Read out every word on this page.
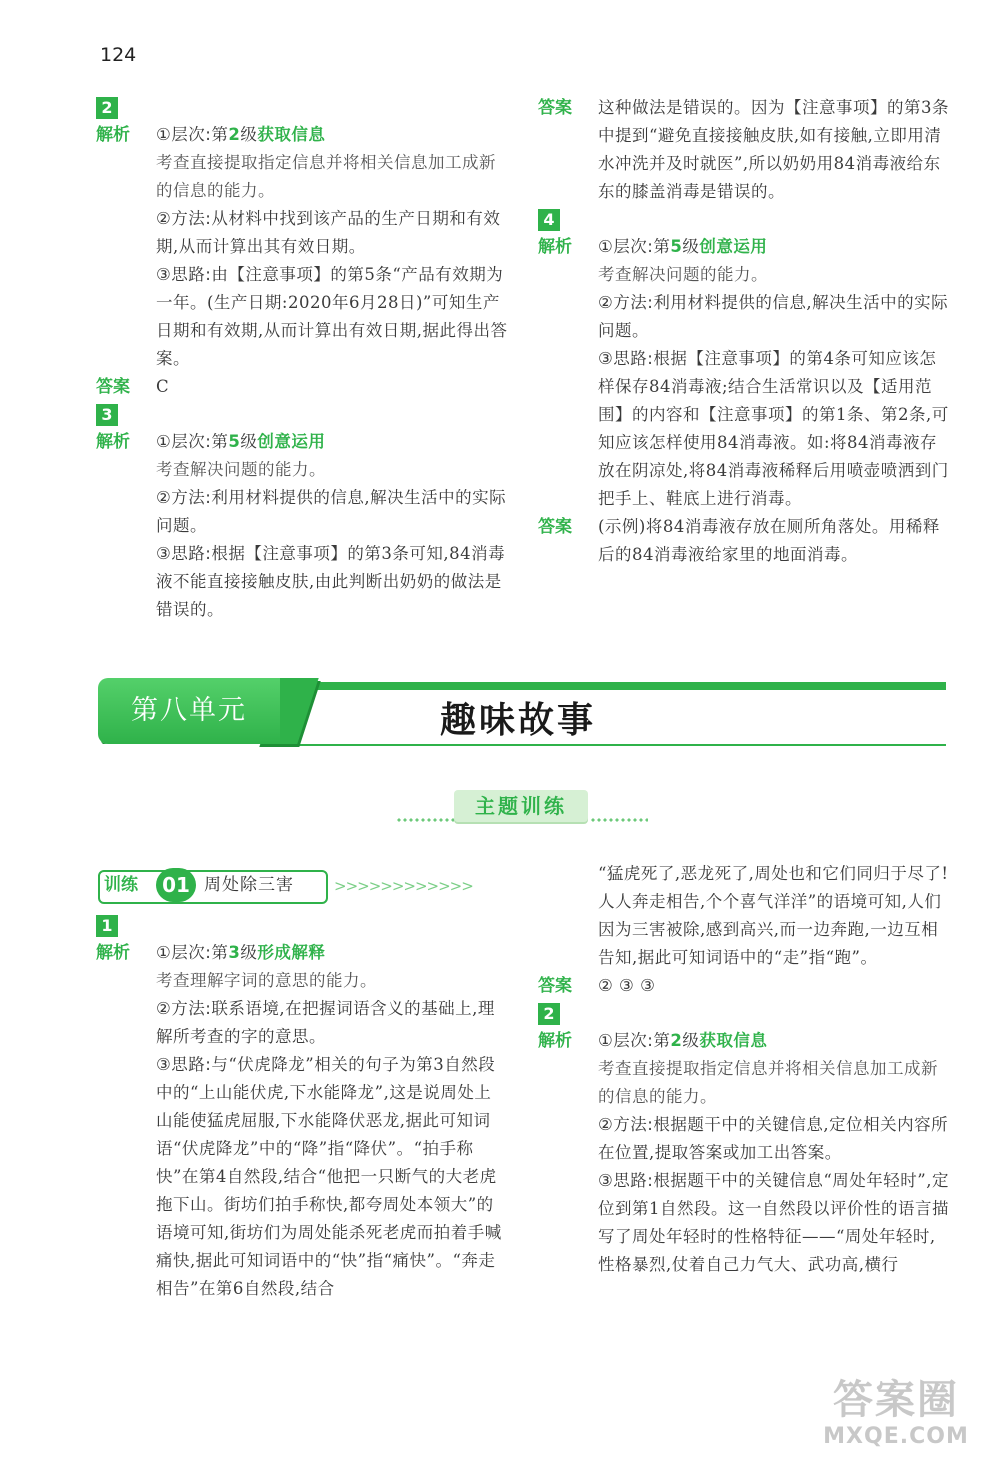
124
2
解析	①层次:第2级获取信息

考查直接提取指定信息并将相关信息加工成新的信息的能力。

②方法:从材料中找到该产品的生产日期和有效期,从而计算出其有效日期。

③思路:由【注意事项】的第5条“产品有效期为一年。(生产日期:2020年6月28日)”可知生产日期和有效期,从而计算出有效日期,据此得出答案。

答案	C
3
解析	①层次:第5级创意运用

考查解决问题的能力。

②方法:利用材料提供的信息,解决生活中的实际问题。

③思路:根据【注意事项】的第3条可知,84消毒液不能直接接触皮肤,由此判断出奶奶的做法是错误的。

答案	这种做法是错误的。因为【注意事项】的第3条中提到“避免直接接触皮肤,如有接触,立即用清水冲洗并及时就医”,所以奶奶用84消毒液给东东的膝盖消毒是错误的。
4
解析	①层次:第5级创意运用

考查解决问题的能力。

②方法:利用材料提供的信息,解决生活中的实际问题。

③思路:根据【注意事项】的第4条可知应该怎样保存84消毒液;结合生活常识以及【适用范围】的内容和【注意事项】的第1条、第2条,可知应该怎样使用84消毒液。如:将84消毒液存放在阴凉处,将84消毒液稀释后用喷壶喷洒到门把手上、鞋底上进行消毒。

答案	(示例)将84消毒液存放在厕所角落处。用稀释后的84消毒液给家里的地面消毒。
第八单元	趣味故事
主题训练
训练	01 周处除三害	>>>>>>>>>>>>
1
解析	①层次:第3级形成解释

考查理解字词的意思的能力。

②方法:联系语境,在把握词语含义的基础上,理解所考查的字的意思。

③思路:与“伏虎降龙”相关的句子为第3自然段中的“上山能伏虎,下水能降龙”,这是说周处上山能使猛虎屈服,下水能降伏恶龙,据此可知词语“伏虎降龙”中的“降”指“降伏”。“拍手称快”在第4自然段,结合“他把一只断气的大老虎拖下山。街坊们拍手称快,都夸周处本领大”的语境可知,街坊们为周处能杀死老虎而拍着手喊痛快,据此可知词语中的“快”指“痛快”。“奔走相告”在第6自然段,结合

“猛虎死了,恶龙死了,周处也和它们同归于尽了!人人奔走相告,个个喜气洋洋”的语境可知,人们因为三害被除,感到高兴,而一边奔跑,一边互相告知,据此可知词语中的“走”指“跑”。
答案	② ③ ③
2
解析	①层次:第2级获取信息

考查直接提取指定信息并将相关信息加工成新的信息的能力。

②方法:根据题干中的关键信息,定位相关内容所在位置,提取答案或加工出答案。

③思路:根据题干中的关键信息“周处年轻时”,定位到第1自然段。这一自然段以评价性的语言描写了周处年轻时的性格特征——“周处年轻时,性格暴烈,仗着自己力气大、武功高,横行

答案圈
MXQE.COM
